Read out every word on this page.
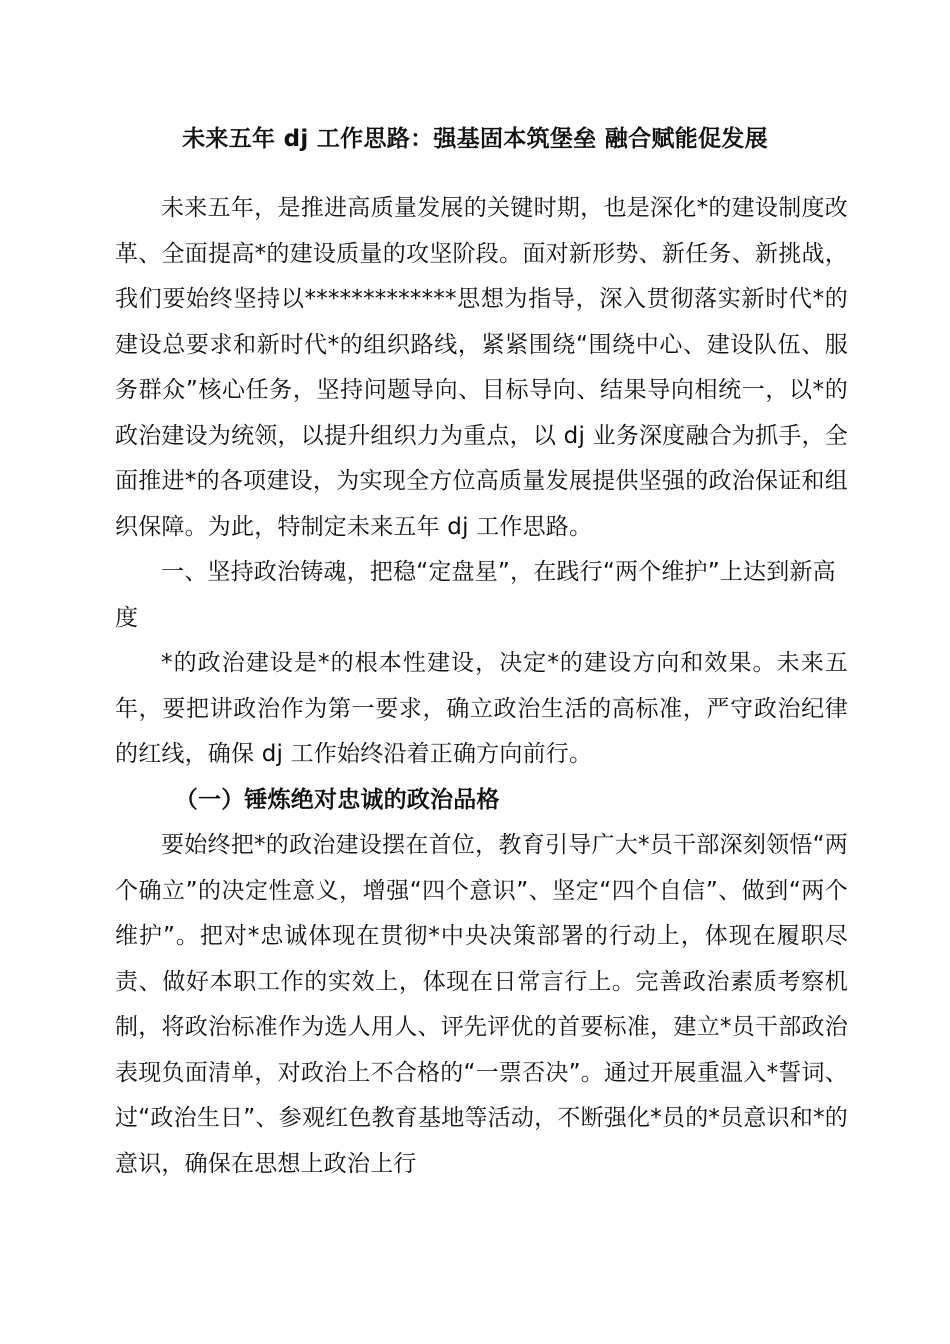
未来五年 dj 工作思路：强基固本筑堡垒 融合赋能促发展

未来五年，是推进高质量发展的关键时期，也是深化*的建设制度改革、全面提高*的建设质量的攻坚阶段。面对新形势、新任务、新挑战，我们要始终坚持以*************思想为指导，深入贯彻落实新时代*的建设总要求和新时代*的组织路线，紧紧围绕“围绕中心、建设队伍、服务群众”核心任务，坚持问题导向、目标导向、结果导向相统一，以*的政治建设为统领，以提升组织力为重点，以 dj 业务深度融合为抓手，全面推进*的各项建设，为实现全方位高质量发展提供坚强的政治保证和组织保障。为此，特制定未来五年 dj 工作思路。

一、坚持政治铸魂，把稳“定盘星”，在践行“两个维护”上达到新高度

*的政治建设是*的根本性建设，决定*的建设方向和效果。未来五年，要把讲政治作为第一要求，确立政治生活的高标准，严守政治纪律的红线，确保 dj 工作始终沿着正确方向前行。

（一）锤炼绝对忠诚的政治品格

要始终把*的政治建设摆在首位，教育引导广大*员干部深刻领悟“两个确立”的决定性意义，增强“四个意识”、坚定“四个自信”、做到“两个维护”。把对*忠诚体现在贯彻*中央决策部署的行动上，体现在履职尽责、做好本职工作的实效上，体现在日常言行上。完善政治素质考察机制，将政治标准作为选人用人、评先评优的首要标准，建立*员干部政治表现负面清单，对政治上不合格的“一票否决”。通过开展重温入*誓词、过“政治生日”、参观红色教育基地等活动，不断强化*员的*员意识和*的意识，确保在思想上政治上行
